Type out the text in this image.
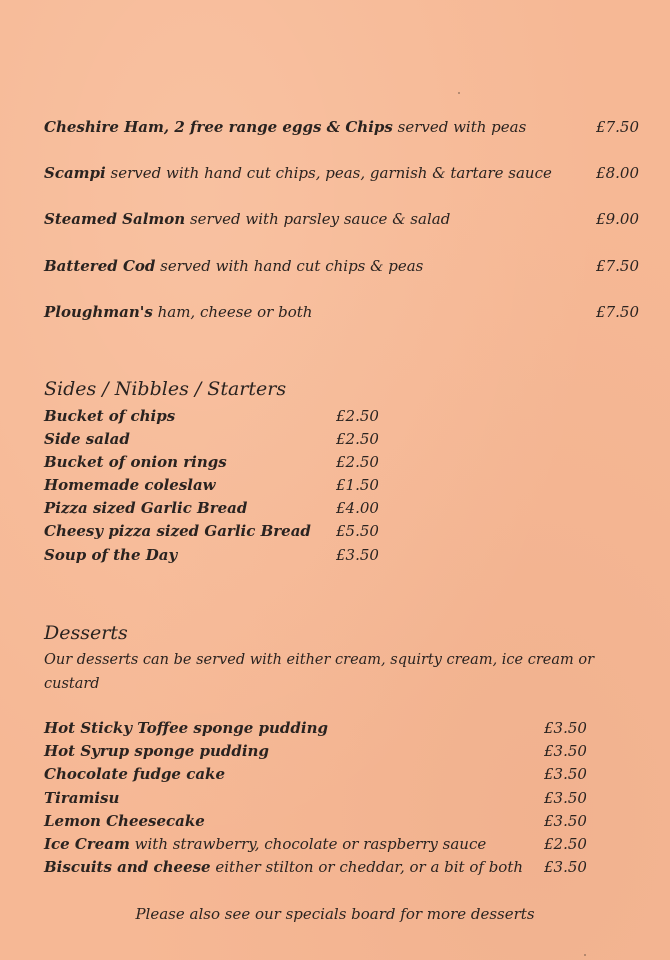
Cheshire Ham, 2 free range eggs & Chips served with peas	£7.50
Scampi served with hand cut chips, peas, garnish & tartare sauce	£8.00
Steamed Salmon served with parsley sauce & salad	£9.00
Battered Cod served with hand cut chips & peas	£7.50
Ploughman's ham, cheese or both	£7.50
Sides / Nibbles / Starters
Bucket of chips	£2.50
Side salad	£2.50
Bucket of onion rings	£2.50
Homemade coleslaw	£1.50
Pizza sized Garlic Bread	£4.00
Cheesy pizza sized Garlic Bread £5.50
Soup of the Day	£3.50
Desserts
Our desserts can be served with either cream, squirty cream, ice cream or custard
Hot Sticky Toffee sponge pudding	£3.50
Hot Syrup sponge pudding	£3.50
Chocolate fudge cake	£3.50
Tiramisu	£3.50
Lemon Cheesecake	£3.50
Ice Cream with strawberry, chocolate or raspberry sauce	£2.50
Biscuits and cheese either stilton or cheddar, or a bit of both £3.50
Please also see our specials board for more desserts
